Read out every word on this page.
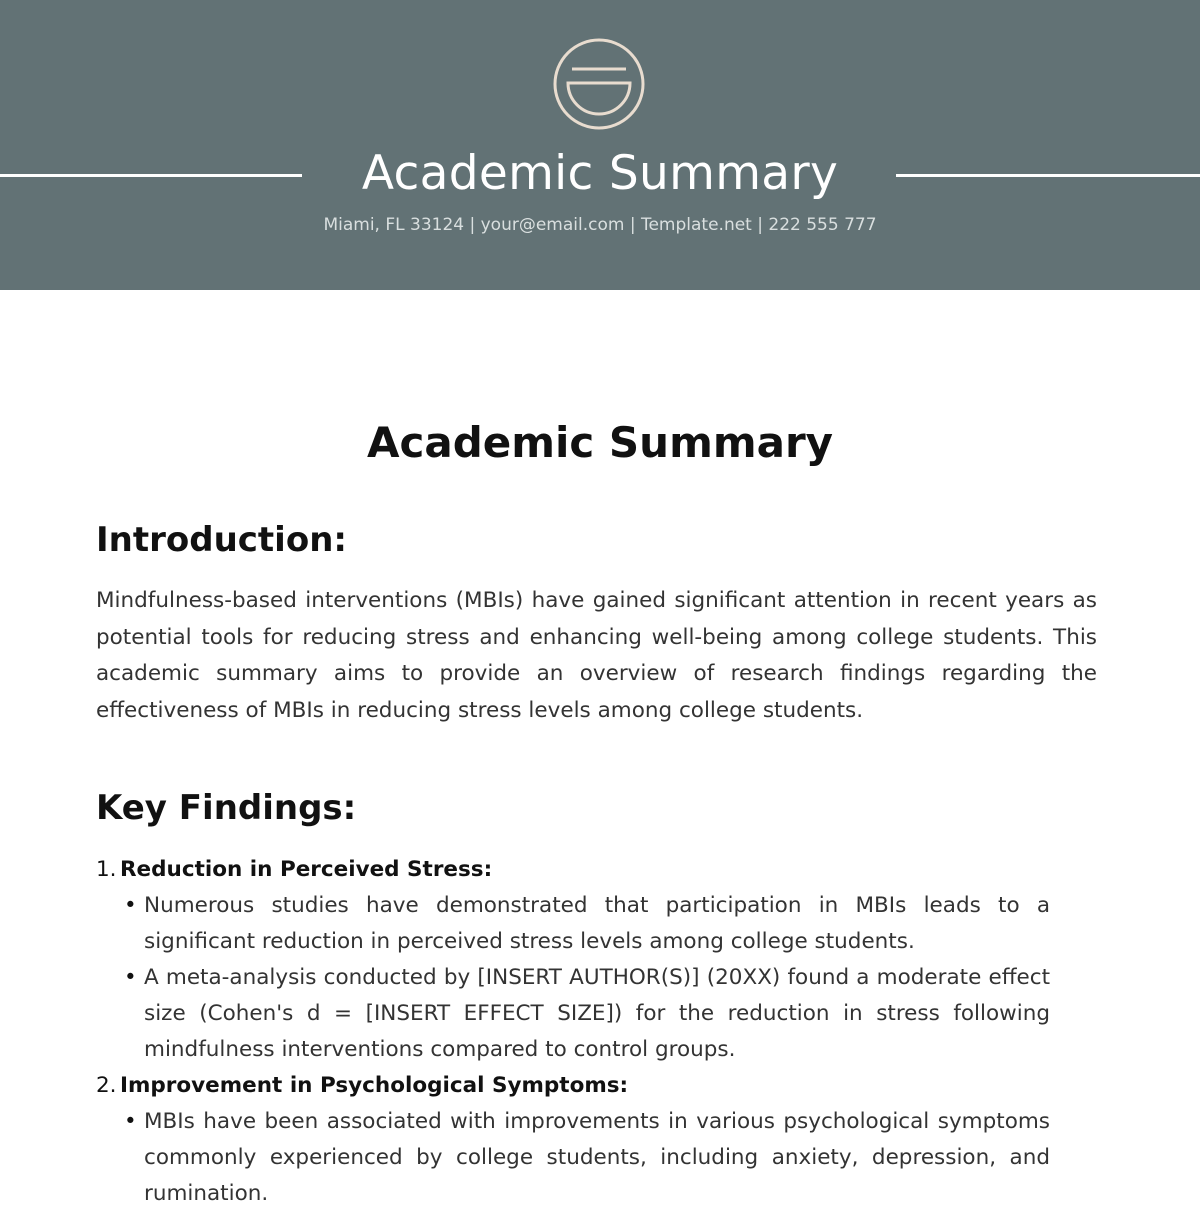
Academic Summary
Miami, FL 33124 | your@email.com | Template.net | 222 555 777
Academic Summary
Introduction:
Mindfulness-based interventions (MBIs) have gained significant attention in recent years as potential tools for reducing stress and enhancing well-being among college students. This academic summary aims to provide an overview of research findings regarding the effectiveness of MBIs in reducing stress levels among college students.
Key Findings:
1. Reduction in Perceived Stress:
• Numerous studies have demonstrated that participation in MBIs leads to a significant reduction in perceived stress levels among college students.
• A meta-analysis conducted by [INSERT AUTHOR(S)] (20XX) found a moderate effect size (Cohen's d = [INSERT EFFECT SIZE]) for the reduction in stress following mindfulness interventions compared to control groups.
2. Improvement in Psychological Symptoms:
• MBIs have been associated with improvements in various psychological symptoms commonly experienced by college students, including anxiety, depression, and rumination.
